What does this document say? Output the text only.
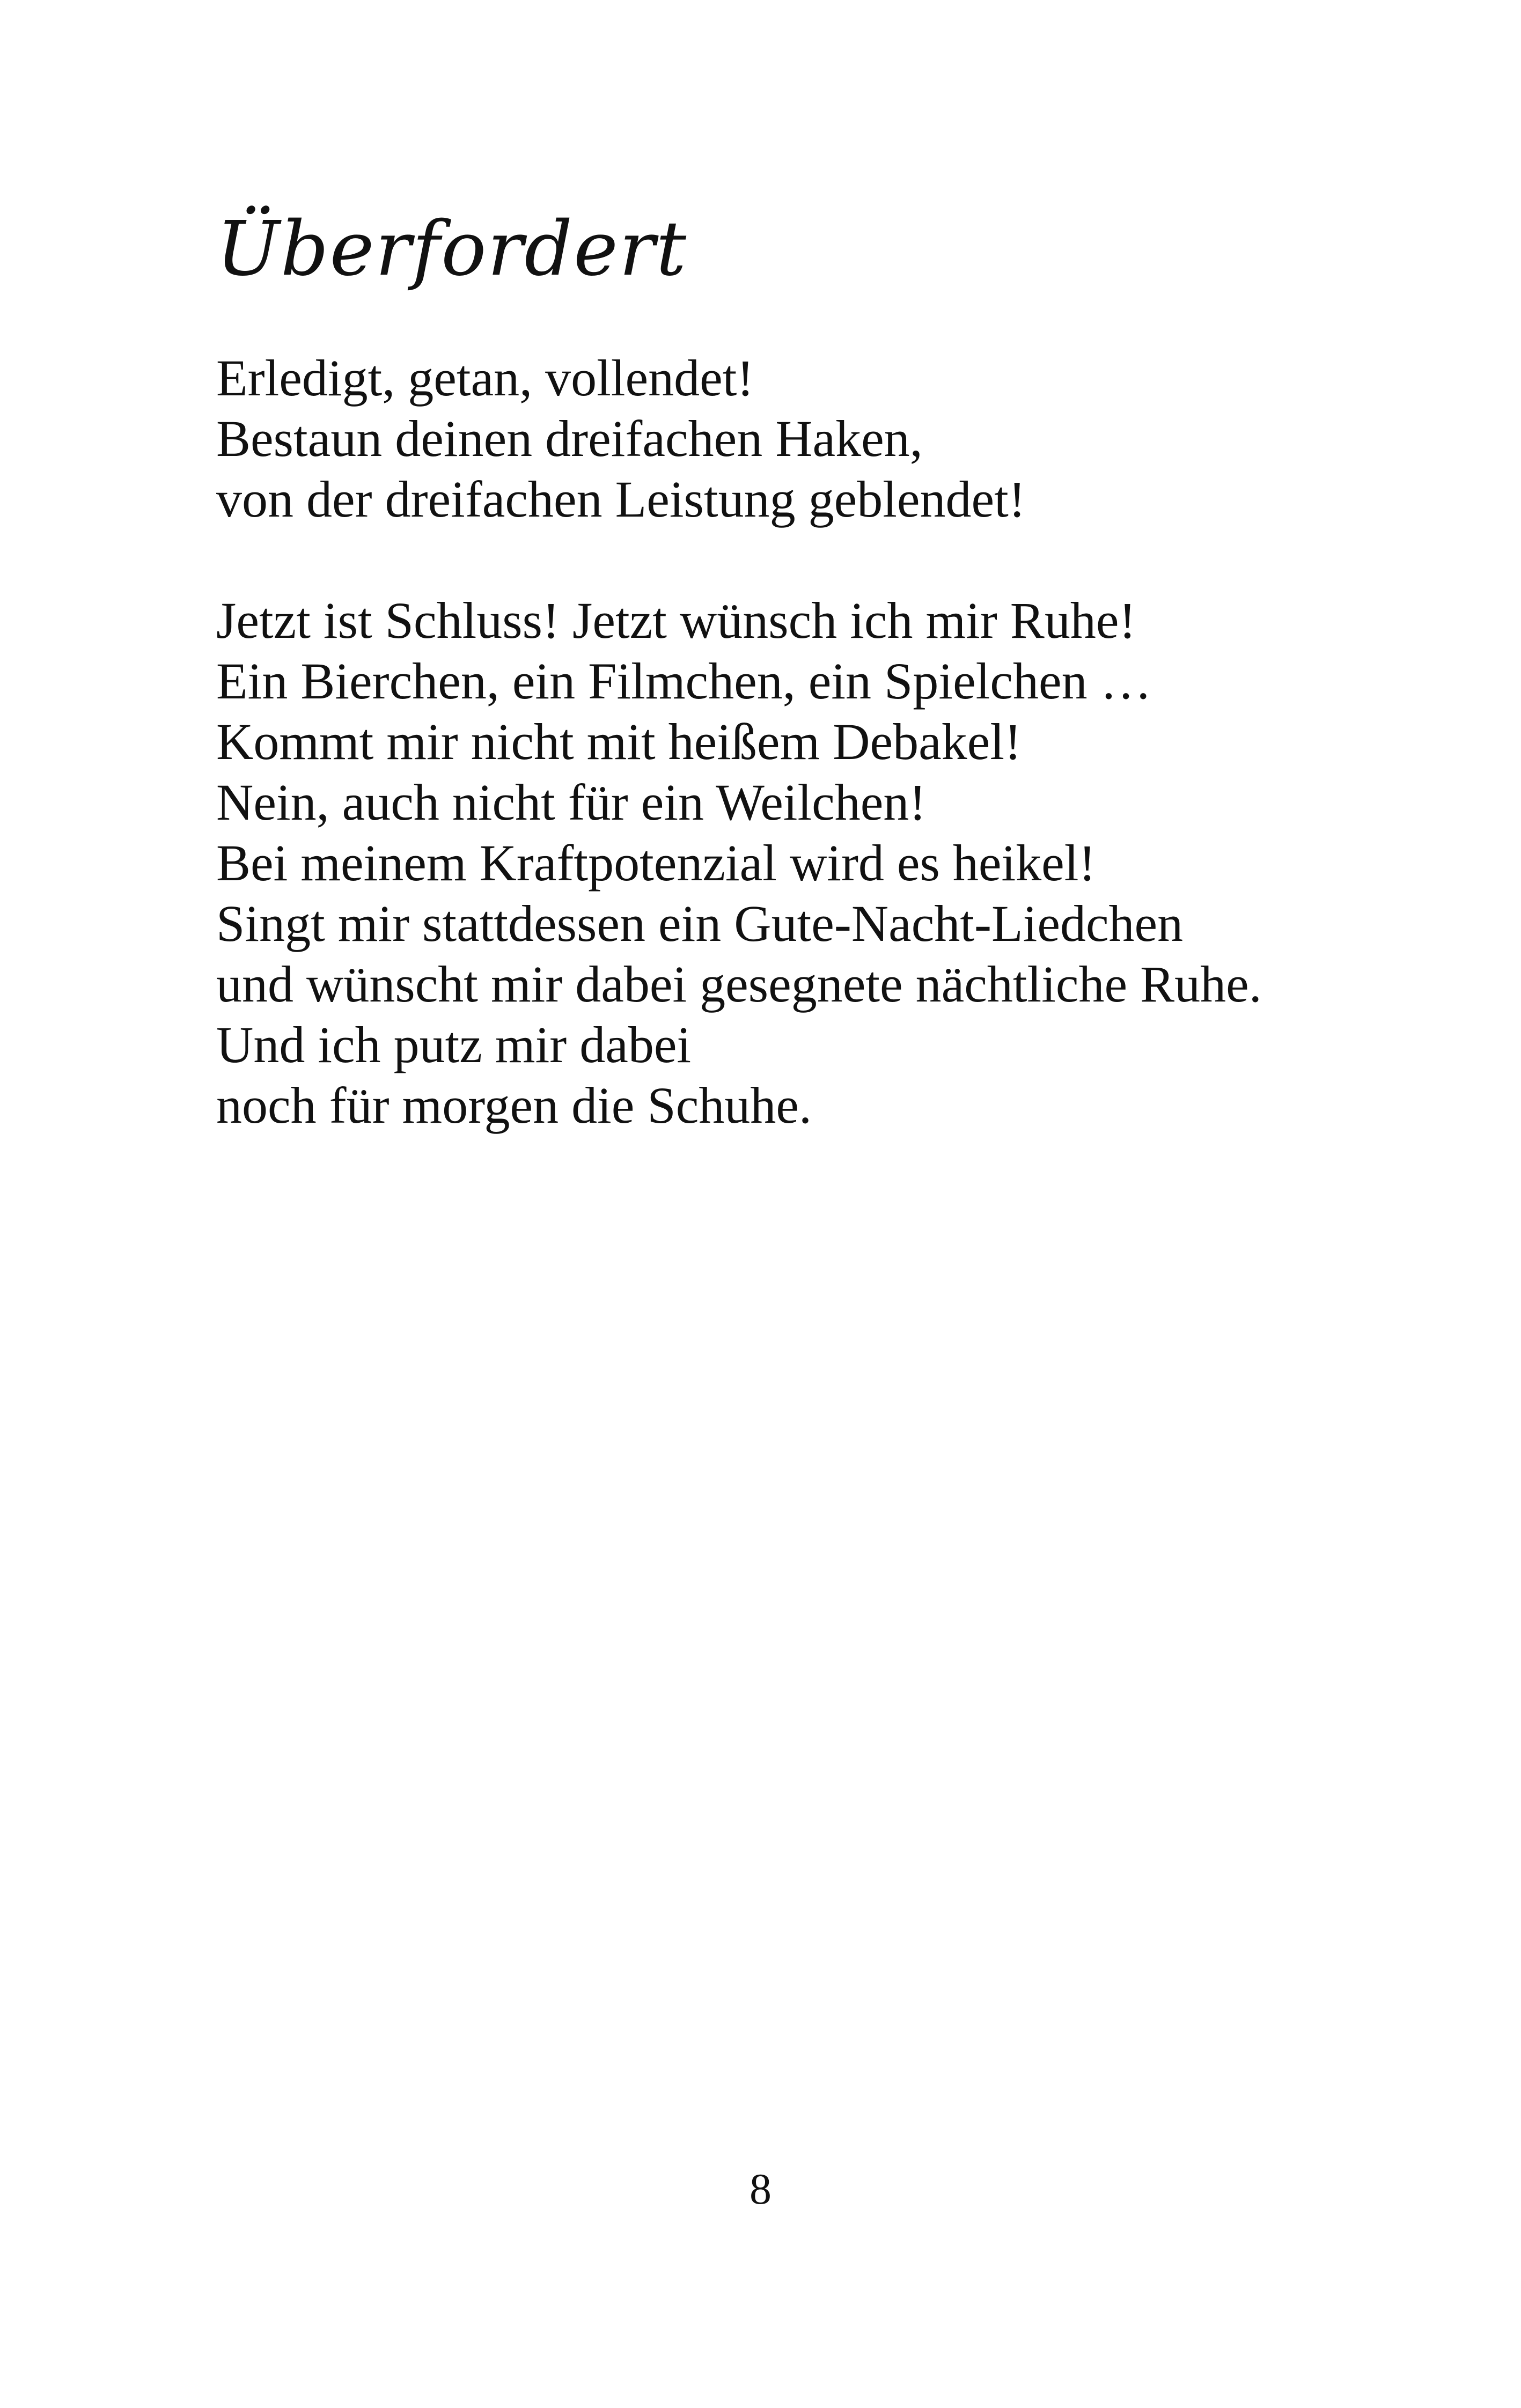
Überfordert

Erledigt, getan, vollendet!
Bestaun deinen dreifachen Haken,
von der dreifachen Leistung geblendet!

Jetzt ist Schluss! Jetzt wünsch ich mir Ruhe!
Ein Bierchen, ein Filmchen, ein Spielchen …
Kommt mir nicht mit heißem Debakel!
Nein, auch nicht für ein Weilchen!
Bei meinem Kraftpotenzial wird es heikel!
Singt mir stattdessen ein Gute-Nacht-Liedchen
und wünscht mir dabei gesegnete nächtliche Ruhe.
Und ich putz mir dabei
noch für morgen die Schuhe.

8
